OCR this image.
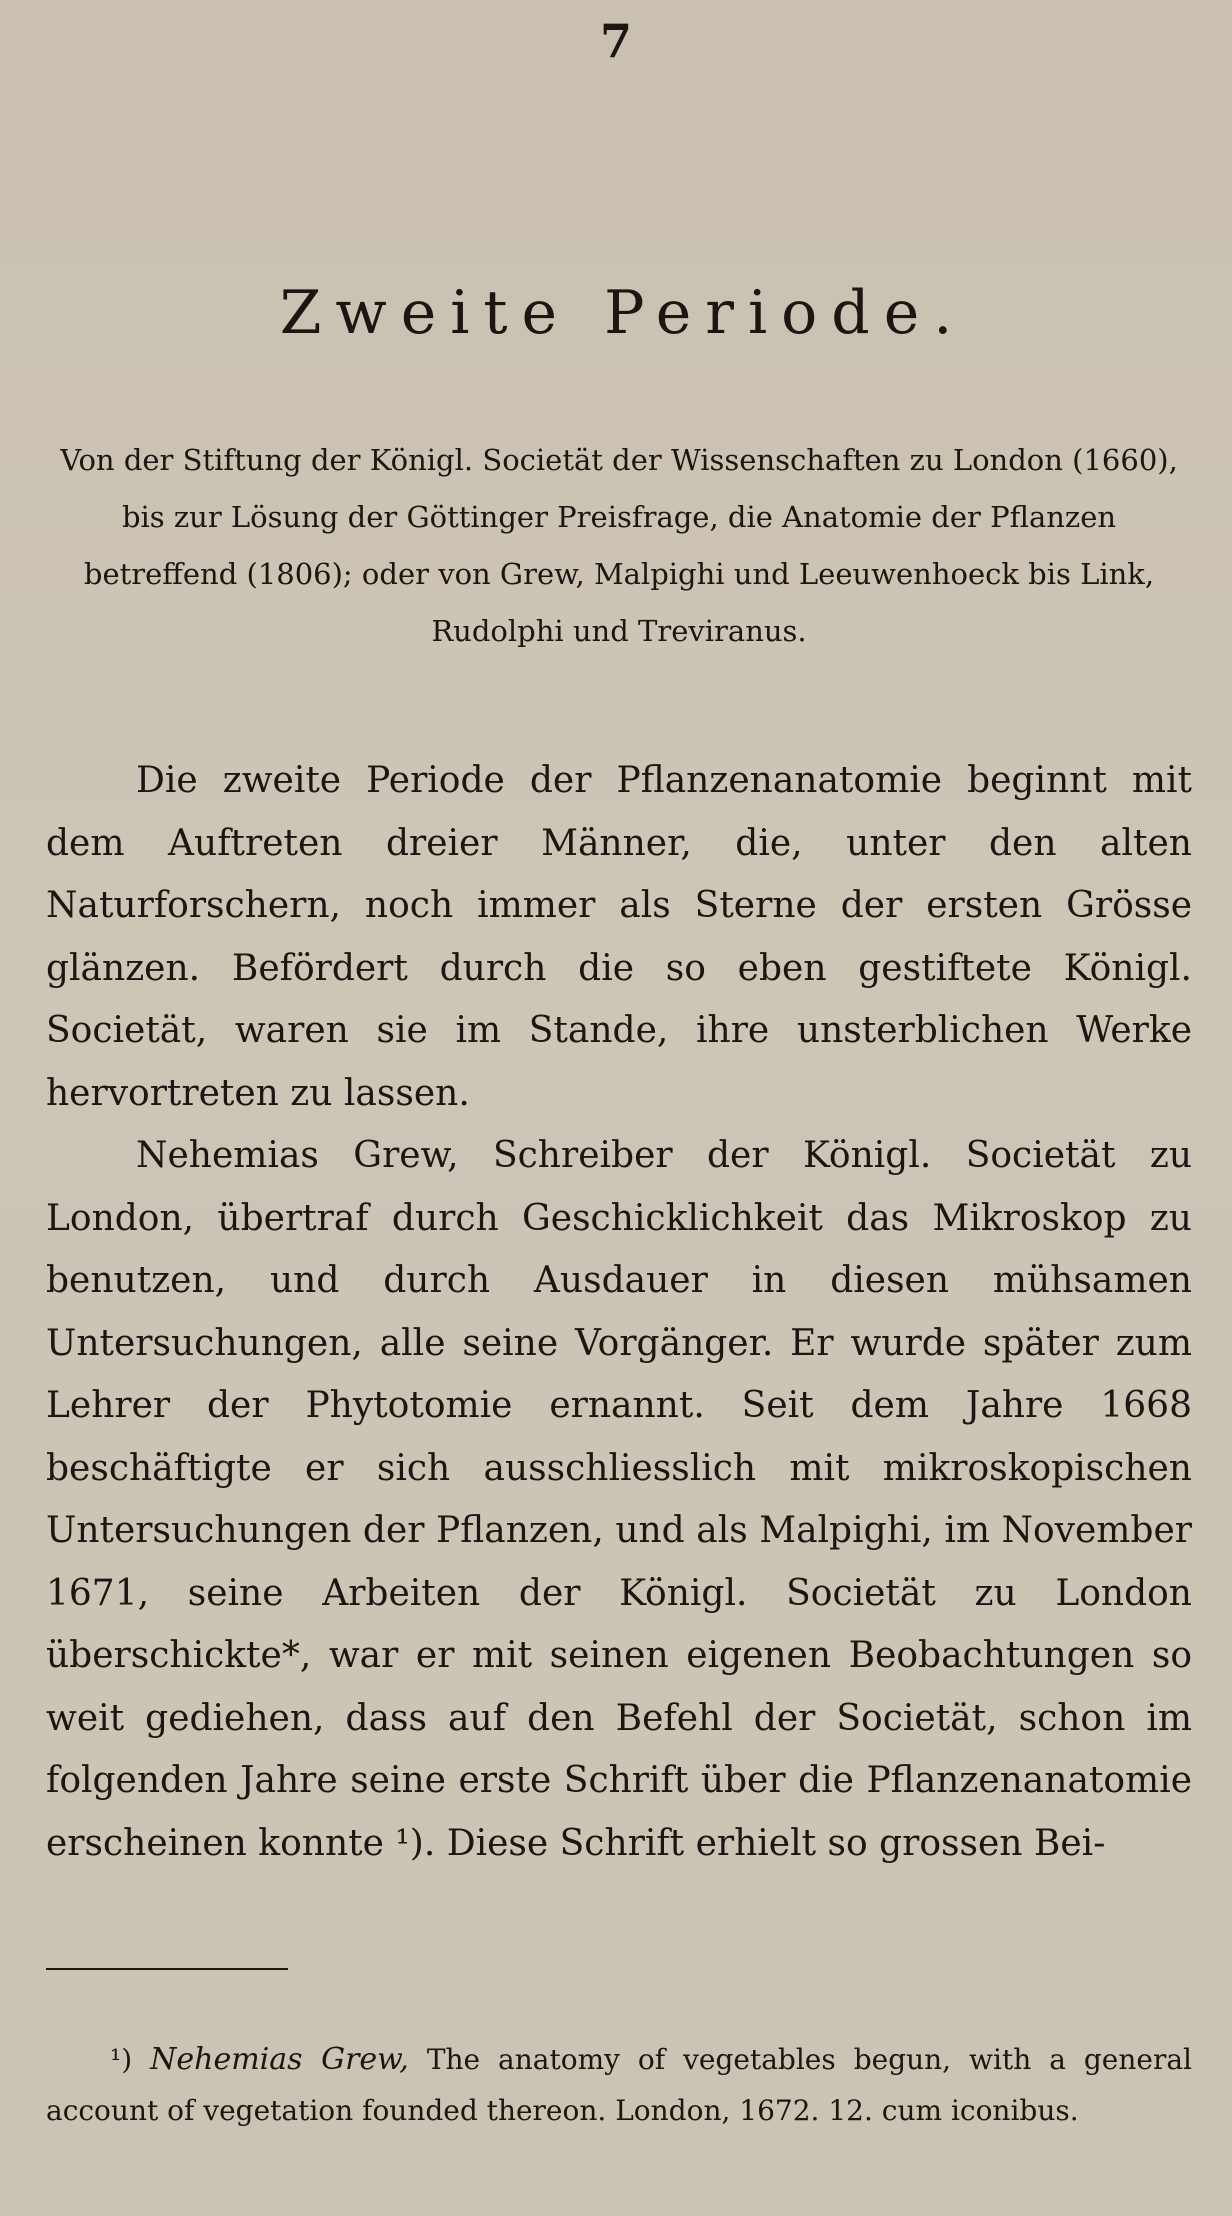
7
Zweite Periode.
Von der Stiftung der Königl. Societät der Wissenschaften zu London (1660), bis zur Lösung der Göttinger Preisfrage, die Anatomie der Pflanzen betreffend (1806); oder von Grew, Malpighi und Leeuwenhoeck bis Link, Rudolphi und Treviranus.

Die zweite Periode der Pflanzenanatomie beginnt mit dem Auftreten dreier Männer, die, unter den alten Naturforschern, noch immer als Sterne der ersten Grösse glänzen. Befördert durch die so eben gestiftete Königl. Societät, waren sie im Stande, ihre unsterblichen Werke hervortreten zu lassen.

Nehemias Grew, Schreiber der Königl. Societät zu London, übertraf durch Geschicklichkeit das Mikroskop zu benutzen, und durch Ausdauer in diesen mühsamen Untersuchungen, alle seine Vorgänger. Er wurde später zum Lehrer der Phytotomie ernannt. Seit dem Jahre 1668 beschäftigte er sich ausschliesslich mit mikroskopischen Untersuchungen der Pflanzen, und als Malpighi, im November 1671, seine Arbeiten der Königl. Societät zu London überschickte*, war er mit seinen eigenen Beobachtungen so weit gediehen, dass auf den Befehl der Societät, schon im folgenden Jahre seine erste Schrift über die Pflanzenanatomie erscheinen konnte ¹). Diese Schrift erhielt so grossen Bei-

¹) Nehemias Grew, The anatomy of vegetables begun, with a general account of vegetation founded thereon. London, 1672. 12. cum iconibus.
